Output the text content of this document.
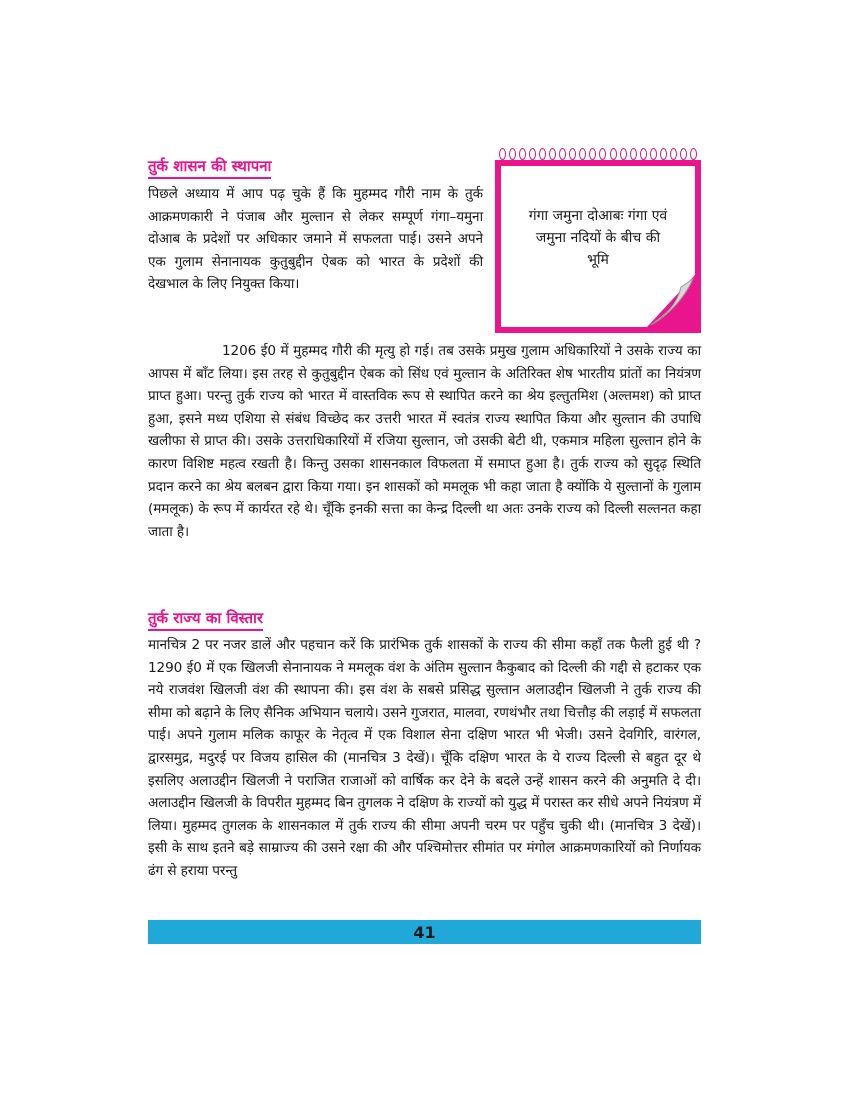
तुर्क शासन की स्थापना

पिछले अध्याय में आप पढ़ चुके हैं कि मुहम्मद गौरी नाम के तुर्क आक्रमणकारी ने पंजाब और मुल्तान से लेकर सम्पूर्ण गंगा–यमुना दोआब के प्रदेशों पर अधिकार जमाने में सफलता पाई। उसने अपने एक गुलाम सेनानायक कुतुबुद्दीन ऐबक को भारत के प्रदेशों की देखभाल के लिए नियुक्त किया।

गंगा जमुना दोआबः गंगा एवं जमुना नदियों के बीच की भूमि

1206 ई0 में मुहम्मद गौरी की मृत्यु हो गई। तब उसके प्रमुख गुलाम अधिकारियों ने उसके राज्य का आपस में बाँट लिया। इस तरह से कुतुबुद्दीन ऐबक को सिंध एवं मुल्तान के अतिरिक्त शेष भारतीय प्रांतों का नियंत्रण प्राप्त हुआ। परन्तु तुर्क राज्य को भारत में वास्तविक रूप से स्थापित करने का श्रेय इल्तुतमिश (अल्तमश) को प्राप्त हुआ, इसने मध्य एशिया से संबंध विच्छेद कर उत्तरी भारत में स्वतंत्र राज्य स्थापित किया और सुल्तान की उपाधि खलीफा से प्राप्त की। उसके उत्तराधिकारियों में रजिया सुल्तान, जो उसकी बेटी थी, एकमात्र महिला सुल्तान होने के कारण विशिष्ट महत्व रखती है। किन्तु उसका शासनकाल विफलता में समाप्त हुआ है। तुर्क राज्य को सुदृढ़ स्थिति प्रदान करने का श्रेय बलबन द्वारा किया गया। इन शासकों को ममलूक भी कहा जाता है क्योंकि ये सुल्तानों के गुलाम (ममलूक) के रूप में कार्यरत रहे थे। चूँकि इनकी सत्ता का केन्द्र दिल्ली था अतः उनके राज्य को दिल्ली सल्तनत कहा जाता है।

तुर्क राज्य का विस्तार

मानचित्र 2 पर नजर डालें और पहचान करें कि प्रारंभिक तुर्क शासकों के राज्य की सीमा कहाँ तक फैली हुई थी ? 1290 ई0 में एक खिलजी सेनानायक ने ममलूक वंश के अंतिम सुल्तान कैकुबाद को दिल्ली की गद्दी से हटाकर एक नये राजवंश खिलजी वंश की स्थापना की। इस वंश के सबसे प्रसिद्ध सुल्तान अलाउद्दीन खिलजी ने तुर्क राज्य की सीमा को बढ़ाने के लिए सैनिक अभियान चलाये। उसने गुजरात, मालवा, रणथंभौर तथा चित्तौड़ की लड़ाई में सफलता पाई। अपने गुलाम मलिक काफूर के नेतृत्व में एक विशाल सेना दक्षिण भारत भी भेजी। उसने देवगिरि, वारंगल, द्वारसमुद्र, मदुरई पर विजय हासिल की (मानचित्र 3 देखें)। चूँकि दक्षिण भारत के ये राज्य दिल्ली से बहुत दूर थे इसलिए अलाउद्दीन खिलजी ने पराजित राजाओं को वार्षिक कर देने के बदले उन्हें शासन करने की अनुमति दे दी। अलाउद्दीन खिलजी के विपरीत मुहम्मद बिन तुगलक ने दक्षिण के राज्यों को युद्ध में परास्त कर सीधे अपने नियंत्रण में लिया। मुहम्मद तुगलक के शासनकाल में तुर्क राज्य की सीमा अपनी चरम पर पहुँच चुकी थी। (मानचित्र 3 देखें)। इसी के साथ इतने बड़े साम्राज्य की उसने रक्षा की और पश्चिमोत्तर सीमांत पर मंगोल आक्रमणकारियों को निर्णायक ढंग से हराया परन्तु

41
